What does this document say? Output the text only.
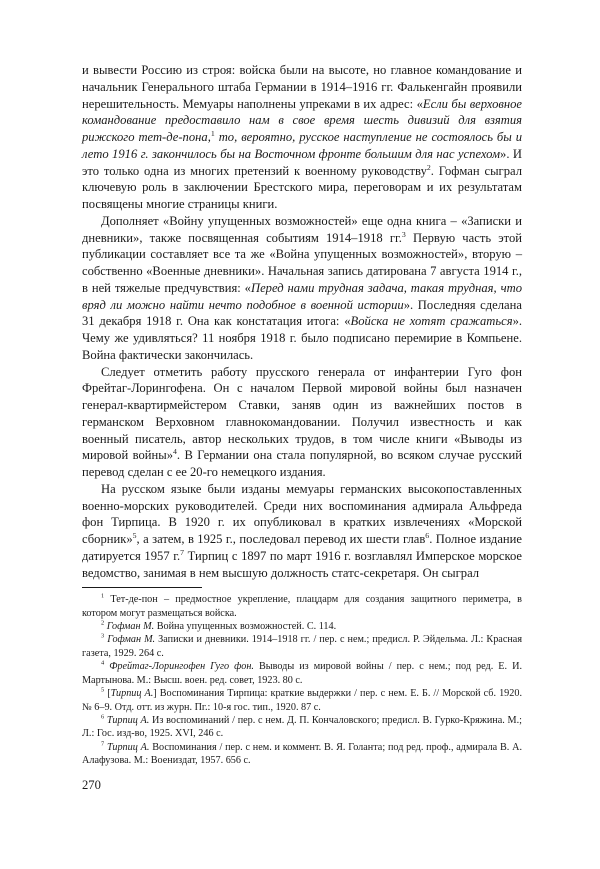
и вывести Россию из строя: войска были на высоте, но главное командование и начальник Генерального штаба Германии в 1914–1916 гг. Фалькенгайн проявили нерешительность. Мемуары наполнены упреками в их адрес: «Если бы верховное командование предоставило нам в свое время шесть дивизий для взятия рижского тет-де-пона,$^1$ то, вероятно, русское наступление не состоялось бы и лето 1916 г. закончилось бы на Восточном фронте большим для нас успехом». И это только одна из многих претензий к военному руководству$^2$. Гофман сыграл ключевую роль в заключении Брестского мира, переговорам и их результатам посвящены многие страницы книги.

Дополняет «Войну упущенных возможностей» еще одна книга – «Записки и дневники», также посвященная событиям 1914–1918 гг.$^3$ Первую часть этой публикации составляет все та же «Война упущенных возможностей», вторую – собственно «Военные дневники». Начальная запись датирована 7 августа 1914 г., в ней тяжелые предчувствия: «Перед нами трудная задача, такая трудная, что вряд ли можно найти нечто подобное в военной истории». Последняя сделана 31 декабря 1918 г. Она как констатация итога: «Войска не хотят сражаться». Чему же удивляться? 11 ноября 1918 г. было подписано перемирие в Компьене. Война фактически закончилась.

Следует отметить работу прусского генерала от инфантерии Гуго фон Фрейтаг-Лорингофена. Он с началом Первой мировой войны был назначен генерал-квартирмейстером Ставки, заняв один из важнейших постов в германском Верховном главнокомандовании. Получил известность и как военный писатель, автор нескольких трудов, в том числе книги «Выводы из мировой войны»$^4$. В Германии она стала популярной, во всяком случае русский перевод сделан с ее 20-го немецкого издания.

На русском языке были изданы мемуары германских высокопоставленных военно-морских руководителей. Среди них воспоминания адмирала Альфреда фон Тирпица. В 1920 г. их опубликовал в кратких извлечениях «Морской сборник»$^5$, а затем, в 1925 г., последовал перевод их шести глав$^6$. Полное издание датируется 1957 г.$^7$ Тирпиц с 1897 по март 1916 г. возглавлял Имперское морское ведомство, занимая в нем высшую должность статс-секретаря. Он сыграл

$^1$ Тет-де-пон – предмостное укрепление, плацдарм для создания защитного периметра, в котором могут размещаться войска.

$^2$ Гофман М. Война упущенных возможностей. С. 114.

$^3$ Гофман М. Записки и дневники. 1914–1918 гг. / пер. с нем.; предисл. Р. Эйдельма. Л.: Красная газета, 1929. 264 с.

$^4$ Фрейтаг-Лорингофен Гуго фон. Выводы из мировой войны / пер. с нем.; под ред. Е. И. Мартынова. М.: Высш. воен. ред. совет, 1923. 80 с.

$^5$ [Тирпиц А.] Воспоминания Тирпица: краткие выдержки / пер. с нем. Е. Б. // Морской сб. 1920. № 6–9. Отд. отт. из журн. Пг.: 10-я гос. тип., 1920. 87 с.

$^6$ Тирпиц А. Из воспоминаний / пер. с нем. Д. П. Кончаловского; предисл. В. Гурко-Кряжина. М.; Л.: Гос. изд-во, 1925. XVI, 246 с.

$^7$ Тирпиц А. Воспоминания / пер. с нем. и коммент. В. Я. Голанта; под ред. проф., адмирала В. А. Алафузова. М.: Воениздат, 1957. 656 с.

270
